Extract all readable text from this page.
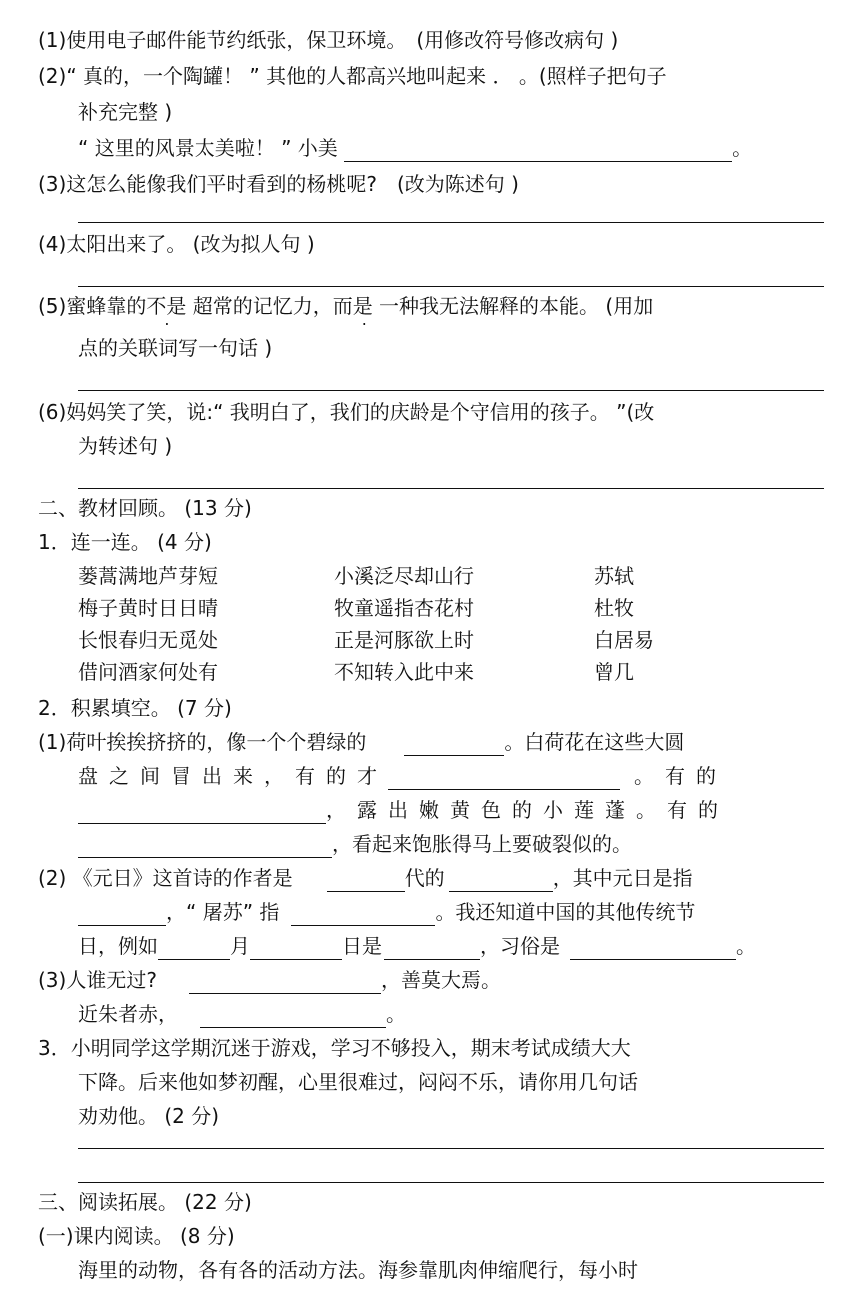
(1)使用电子邮件能节约纸张，保卫环境。　(用修改符号修改病句 )
(2)“ 真的，一个陶罐！ ” 其他的人都高兴地叫起来 ． 。(照样子把句子
补充完整 )
“ 这里的风景太美啦！ ” 小美	。
(3)这怎么能像我们平时看到的杨桃呢?　(改为陈述句 )
(4)太阳出来了。 (改为拟人句 )
(5)蜜蜂靠的不是 超常的记忆力，而是 一种我无法解释的本能。 (用加
点的关联词写一句话 )
(6)妈妈笑了笑，说:“ 我明白了，我们的庆龄是个守信用的孩子。 ”(改
为转述句 )
二、教材回顾。 (13 分)
1．连一连。 (4 分)
蒌蒿满地芦芽短	小溪泛尽却山行	苏轼
梅子黄时日日晴	牧童遥指杏花村	杜牧
长恨春归无觅处	正是河豚欲上时	白居易
借问酒家何处有	不知转入此中来	曾几
2．积累填空。 (7 分)
(1)荷叶挨挨挤挤的，像一个个碧绿的	。白荷花在这些大圆
盘之间冒出来，有的才	。有的
，露出嫩黄色的小莲蓬。有的
，看起来饱胀得马上要破裂似的。
(2) 《元日》这首诗的作者是	代的	，其中元日是指
，“ 屠苏” 指	。我还知道中国的其他传统节
日，例如	月	日是	，习俗是	。
(3)人谁无过?	，善莫大焉。
近朱者赤，	。
3．小明同学这学期沉迷于游戏，学习不够投入，期末考试成绩大大
下降。后来他如梦初醒，心里很难过，闷闷不乐，请你用几句话
劝劝他。 (2 分)
三、阅读拓展。 (22 分)
(一)课内阅读。 (8 分)
海里的动物，各有各的活动方法。海参靠肌肉伸缩爬行，每小时
